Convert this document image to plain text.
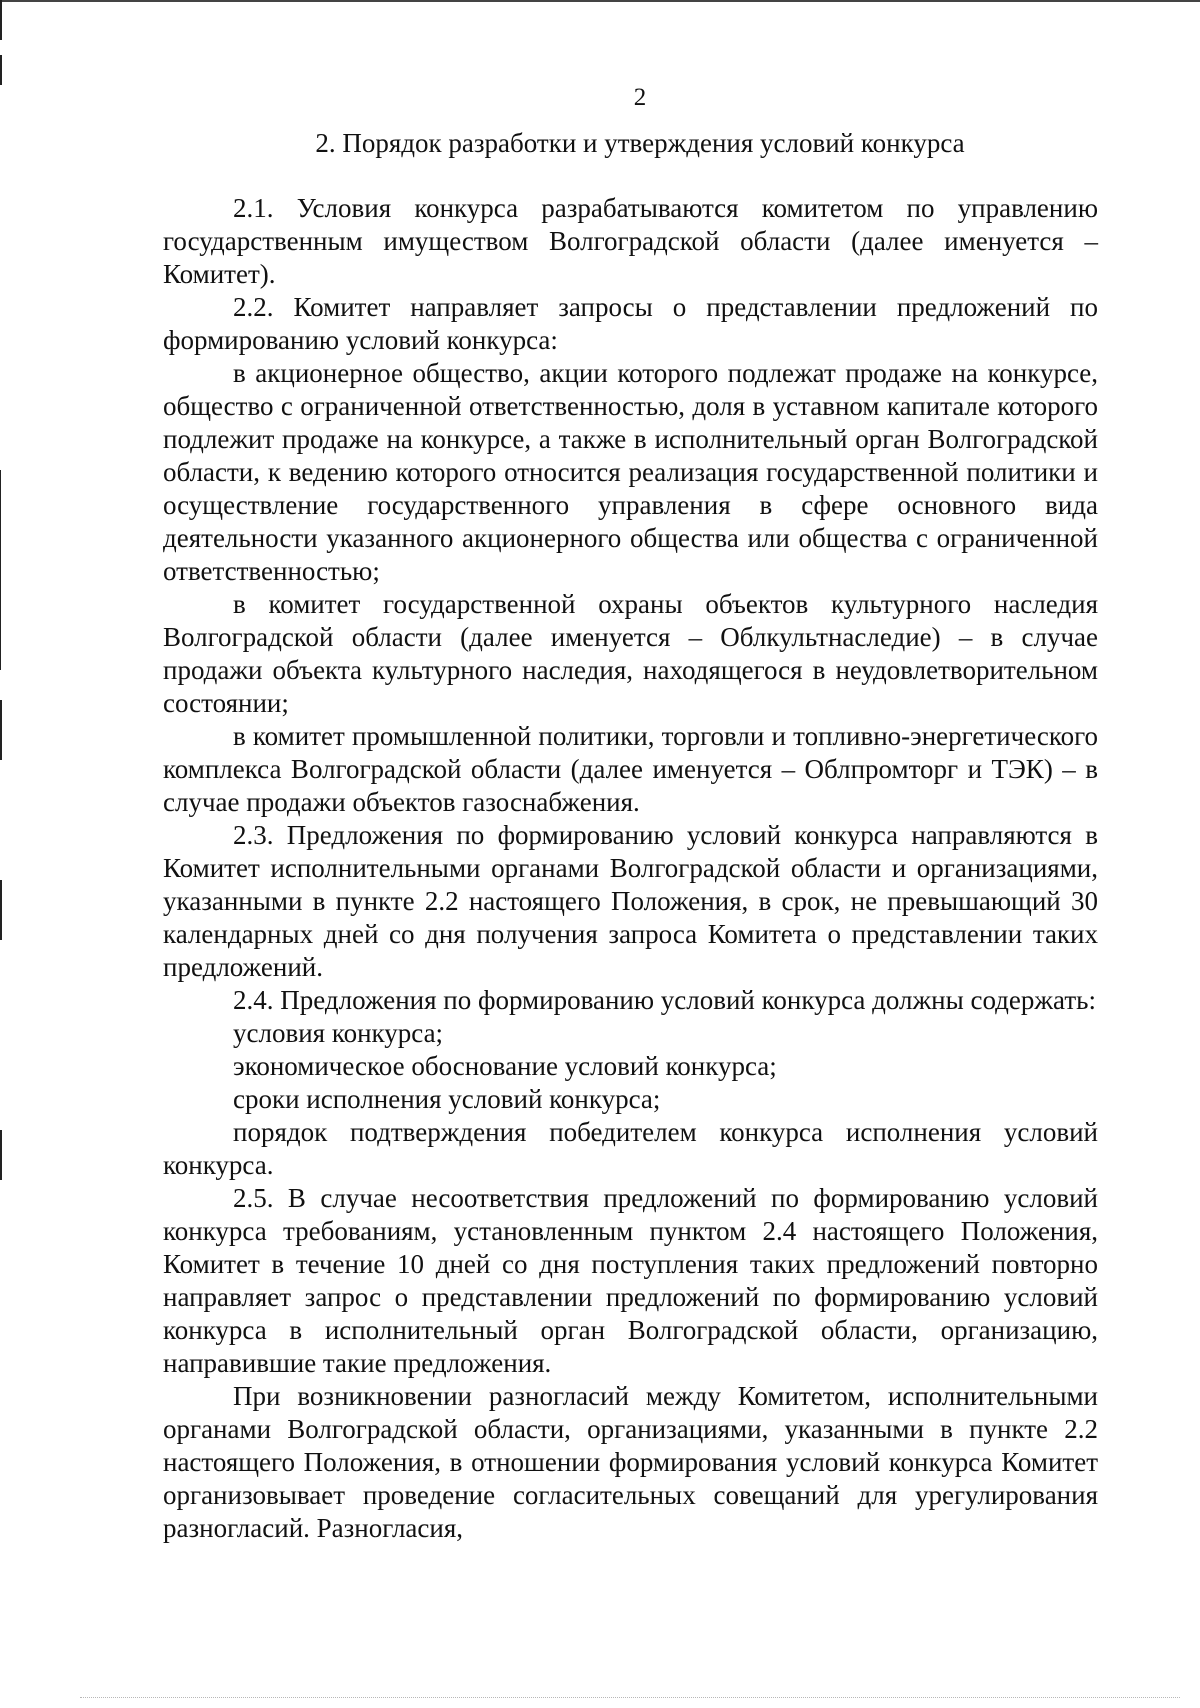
2
2. Порядок разработки и утверждения условий конкурса

2.1. Условия конкурса разрабатываются комитетом по управлению государственным имуществом Волгоградской области (далее именуется – Комитет).

2.2. Комитет направляет запросы о представлении предложений по формированию условий конкурса:

в акционерное общество, акции которого подлежат продаже на конкурсе, общество с ограниченной ответственностью, доля в уставном капитале которого подлежит продаже на конкурсе, а также в исполнительный орган Волгоградской области, к ведению которого относится реализация государственной политики и осуществление государственного управления в сфере основного вида деятельности указанного акционерного общества или общества с ограниченной ответственностью;

в комитет государственной охраны объектов культурного наследия Волгоградской области (далее именуется – Облкультнаследие) – в случае продажи объекта культурного наследия, находящегося в неудовлетворительном состоянии;

в комитет промышленной политики, торговли и топливно-энергетического комплекса Волгоградской области (далее именуется – Облпромторг и ТЭК) – в случае продажи объектов газоснабжения.

2.3. Предложения по формированию условий конкурса направляются в Комитет исполнительными органами Волгоградской области и организациями, указанными в пункте 2.2 настоящего Положения, в срок, не превышающий 30 календарных дней со дня получения запроса Комитета о представлении таких предложений.

2.4. Предложения по формированию условий конкурса должны содержать:

условия конкурса;

экономическое обоснование условий конкурса;

сроки исполнения условий конкурса;

порядок подтверждения победителем конкурса исполнения условий конкурса.

2.5. В случае несоответствия предложений по формированию условий конкурса требованиям, установленным пунктом 2.4 настоящего Положения, Комитет в течение 10 дней со дня поступления таких предложений повторно направляет запрос о представлении предложений по формированию условий конкурса в исполнительный орган Волгоградской области, организацию, направившие такие предложения.

При возникновении разногласий между Комитетом, исполнительными органами Волгоградской области, организациями, указанными в пункте 2.2 настоящего Положения, в отношении формирования условий конкурса Комитет организовывает проведение согласительных совещаний для урегулирования разногласий. Разногласия,
